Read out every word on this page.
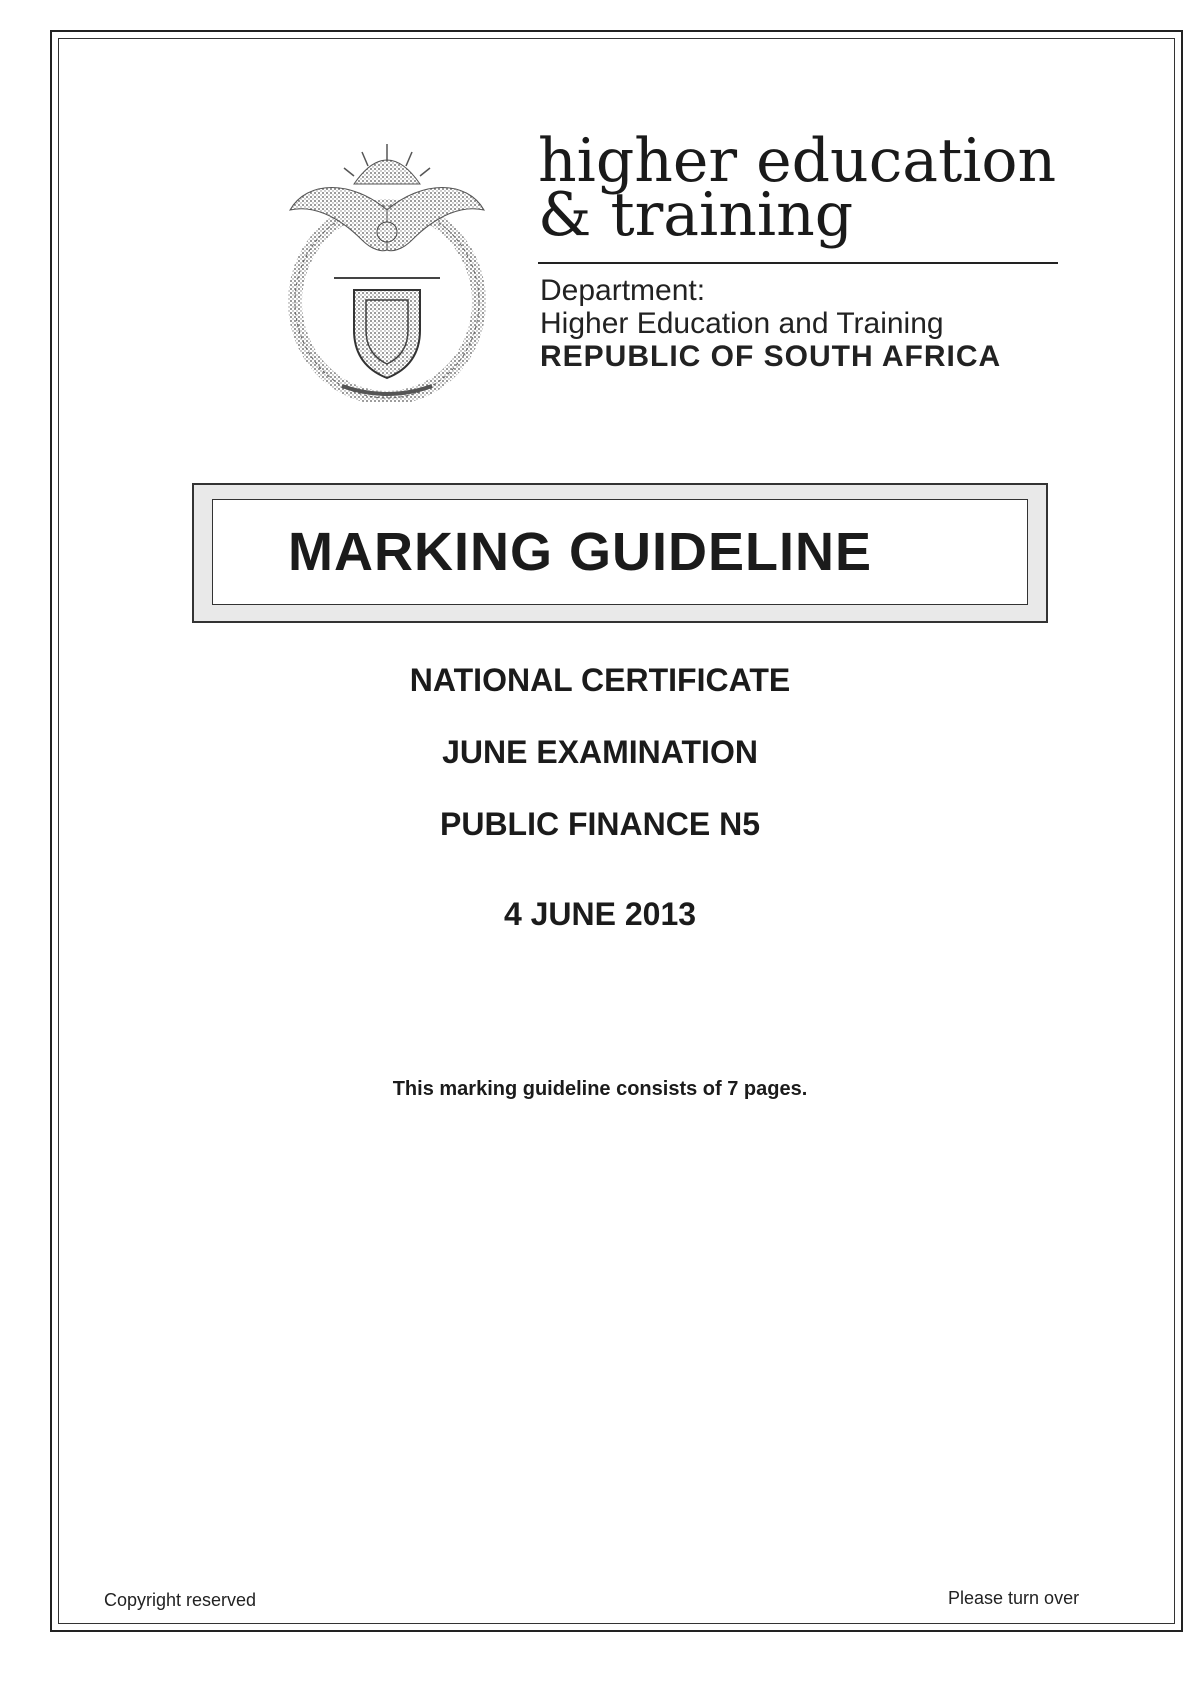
higher education
& training
Department:
Higher Education and Training
REPUBLIC OF SOUTH AFRICA
MARKING GUIDELINE
NATIONAL CERTIFICATE
JUNE EXAMINATION
PUBLIC FINANCE N5
4 JUNE 2013
This marking guideline consists of 7 pages.
Copyright reserved	Please turn over
